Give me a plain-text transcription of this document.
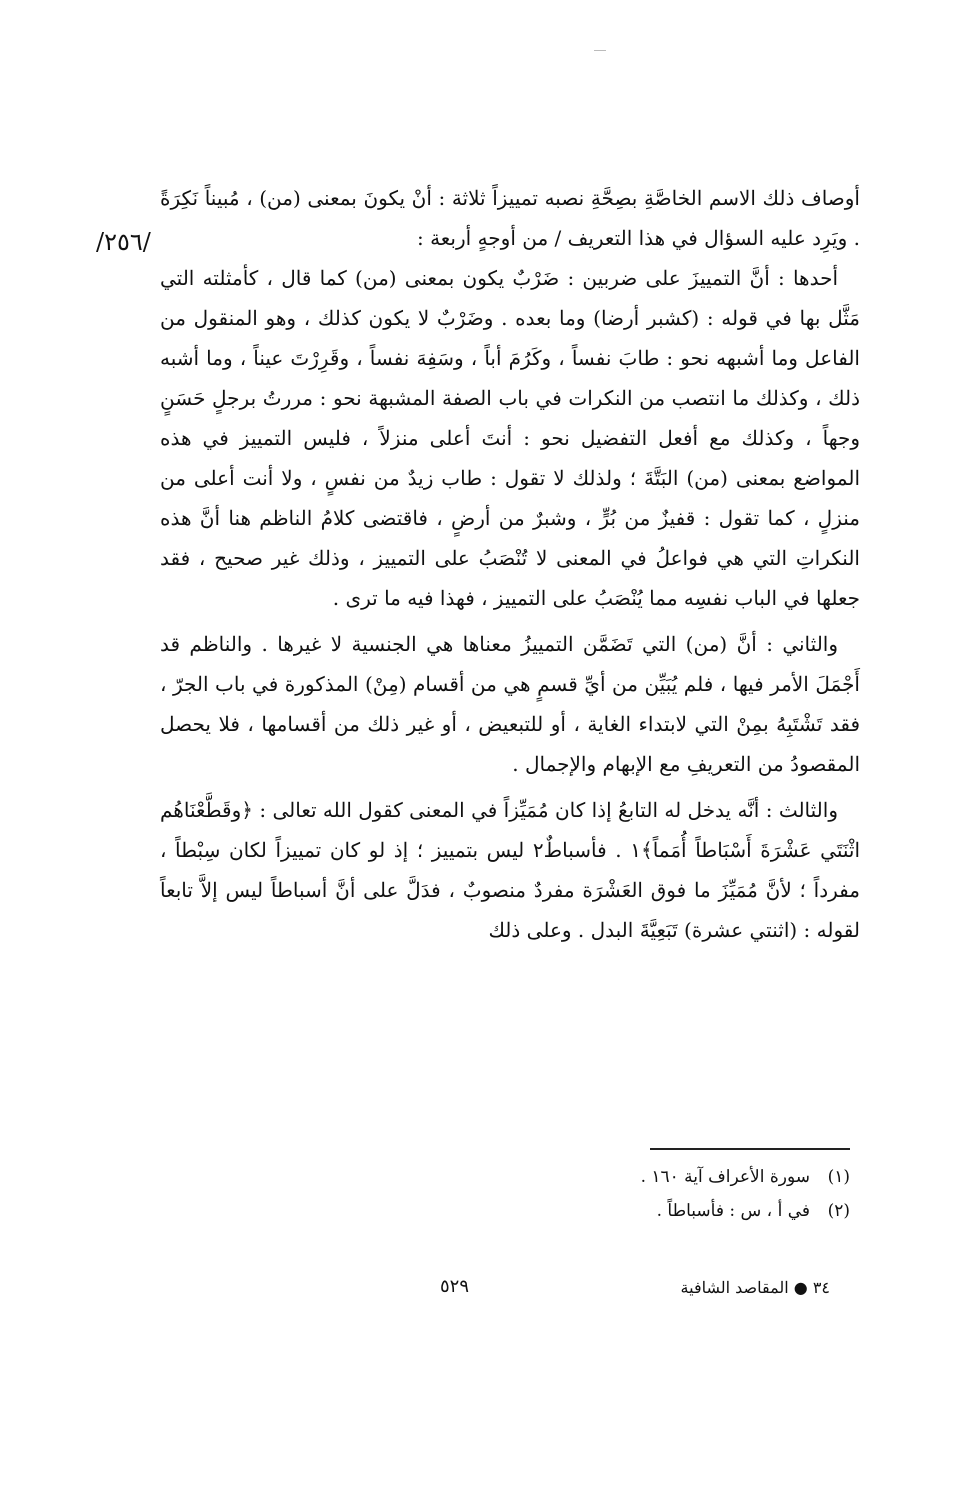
/٢٥٦/

أوصاف ذلك الاسم الخاصَّةِ بصِحَّةِ نصبه تمييزاً ثلاثة : أنْ يكونَ بمعنى (من) ، مُبيناً نَكِرَةً . ويَرِد عليه السؤال في هذا التعريف / من أوجهٍ أربعة :

أحدها : أنَّ التمييزَ على ضربين : ضَرْبٌ يكون بمعنى (من) كما قال ، كأمثلته التي مَثَّل بها في قوله : (كشبر أرضا) وما بعده . وضَرْبٌ لا يكون كذلك ، وهو المنقول من الفاعل وما أشبهه نحو : طابَ نفساً ، وكَرُمَ أباً ، وسَفِهَ نفساً ، وقَرِرْتَ عيناً ، وما أشبه ذلك ، وكذلك ما انتصب من النكرات في باب الصفة المشبهة نحو : مررتُ برجلٍ حَسَنٍ وجهاً ، وكذلك مع أفعل التفضيل نحو : أنتَ أعلى منزلاً ، فليس التمييز في هذه المواضع بمعنى (من) البَتَّةَ ؛ ولذلك لا تقول : طاب زيدٌ من نفسٍ ، ولا أنت أعلى من منزلٍ ، كما تقول : قفيزٌ من بُرٍّ ، وشبرٌ من أرضٍ ، فاقتضى كلامُ الناظم هنا أنَّ هذه النكراتِ التي هي فواعلُ في المعنى لا تُنْصَبُ على التمييز ، وذلك غير صحيح ، فقد جعلها في الباب نفسِه مما يُنْصَبُ على التمييز ، فهذا فيه ما ترى .

والثاني : أنَّ (من) التي تَضَمَّن التمييزُ معناها هي الجنسية لا غيرها . والناظم قد أَجْمَلَ الأمر فيها ، فلم يُبَيِّن من أيِّ قسمٍ هي من أقسام (مِنْ) المذكورة في باب الجرّ ، فقد تَشْتَبِهُ بمِنْ التي لابتداء الغاية ، أو للتبعيض ، أو غير ذلك من أقسامها ، فلا يحصل المقصودُ من التعريفِ مع الإبهام والإجمال .

والثالث : أنَّه يدخل له التابعُ إذا كان مُمَيِّزاً في المعنى كقول الله تعالى : ﴿وقَطَّعْنَاهُم اثْنَتَي عَشْرَةَ أَسْبَاطاً أُمَماً﴾١ . فأسباطٌ٢ ليس بتمييز ؛ إذ لو كان تمييزاً لكان سِبْطاً ، مفرداً ؛ لأنَّ مُمَيِّزَ ما فوق العَشْرَة مفردٌ منصوبٌ ، فدَلَّ على أنَّ أسباطاً ليس إلاَّ تابعاً لقوله : (اثنتي عشرة) تَبَعِيَّةَ البدل . وعلى ذلك

(١)
سورة الأعراف آية ١٦٠ .
(٢)
في أ ، س : فأسباطاً .
٥٢٩	٣٤ ● المقاصد الشافية
